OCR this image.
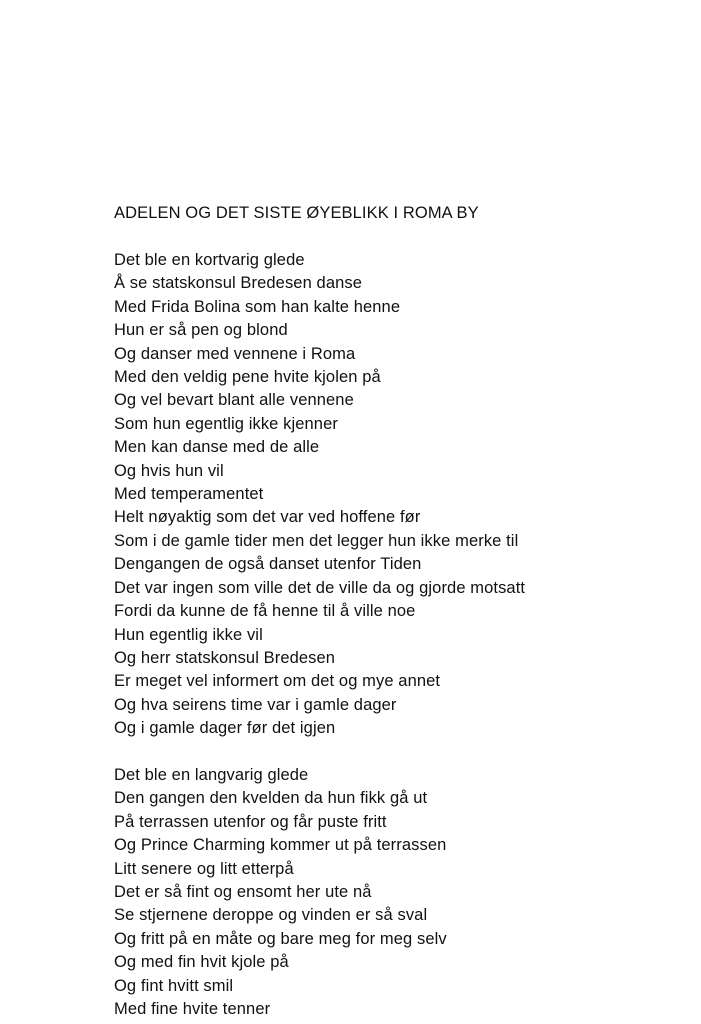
ADELEN OG DET SISTE ØYEBLIKK I ROMA BY
Det ble en kortvarig glede
Å se statskonsul Bredesen danse
Med Frida Bolina som han kalte henne
Hun er så pen og blond
Og danser med vennene i Roma
Med den veldig pene hvite kjolen på
Og vel bevart blant alle vennene
Som hun egentlig ikke kjenner
Men kan danse med de alle
Og hvis hun vil
Med temperamentet
Helt nøyaktig som det var ved hoffene før
Som i de gamle tider men det legger hun ikke merke til
Dengangen de også danset utenfor Tiden
Det var ingen som ville det de ville da og gjorde motsatt
Fordi da kunne de få henne til å ville noe
Hun egentlig ikke vil
Og herr statskonsul Bredesen
Er meget vel informert om det og mye annet
Og hva seirens time var i gamle dager
Og i gamle dager før det igjen
Det ble en langvarig glede
Den gangen den kvelden da hun fikk gå ut
På terrassen utenfor og får puste fritt
Og Prince Charming kommer ut på terrassen
Litt senere og litt etterpå
Det er så fint og ensomt her ute nå
Se stjernene deroppe og vinden er så sval
Og fritt på en måte og bare meg for meg selv
Og med fin hvit kjole på
Og fint hvitt smil
Med fine hvite tenner
